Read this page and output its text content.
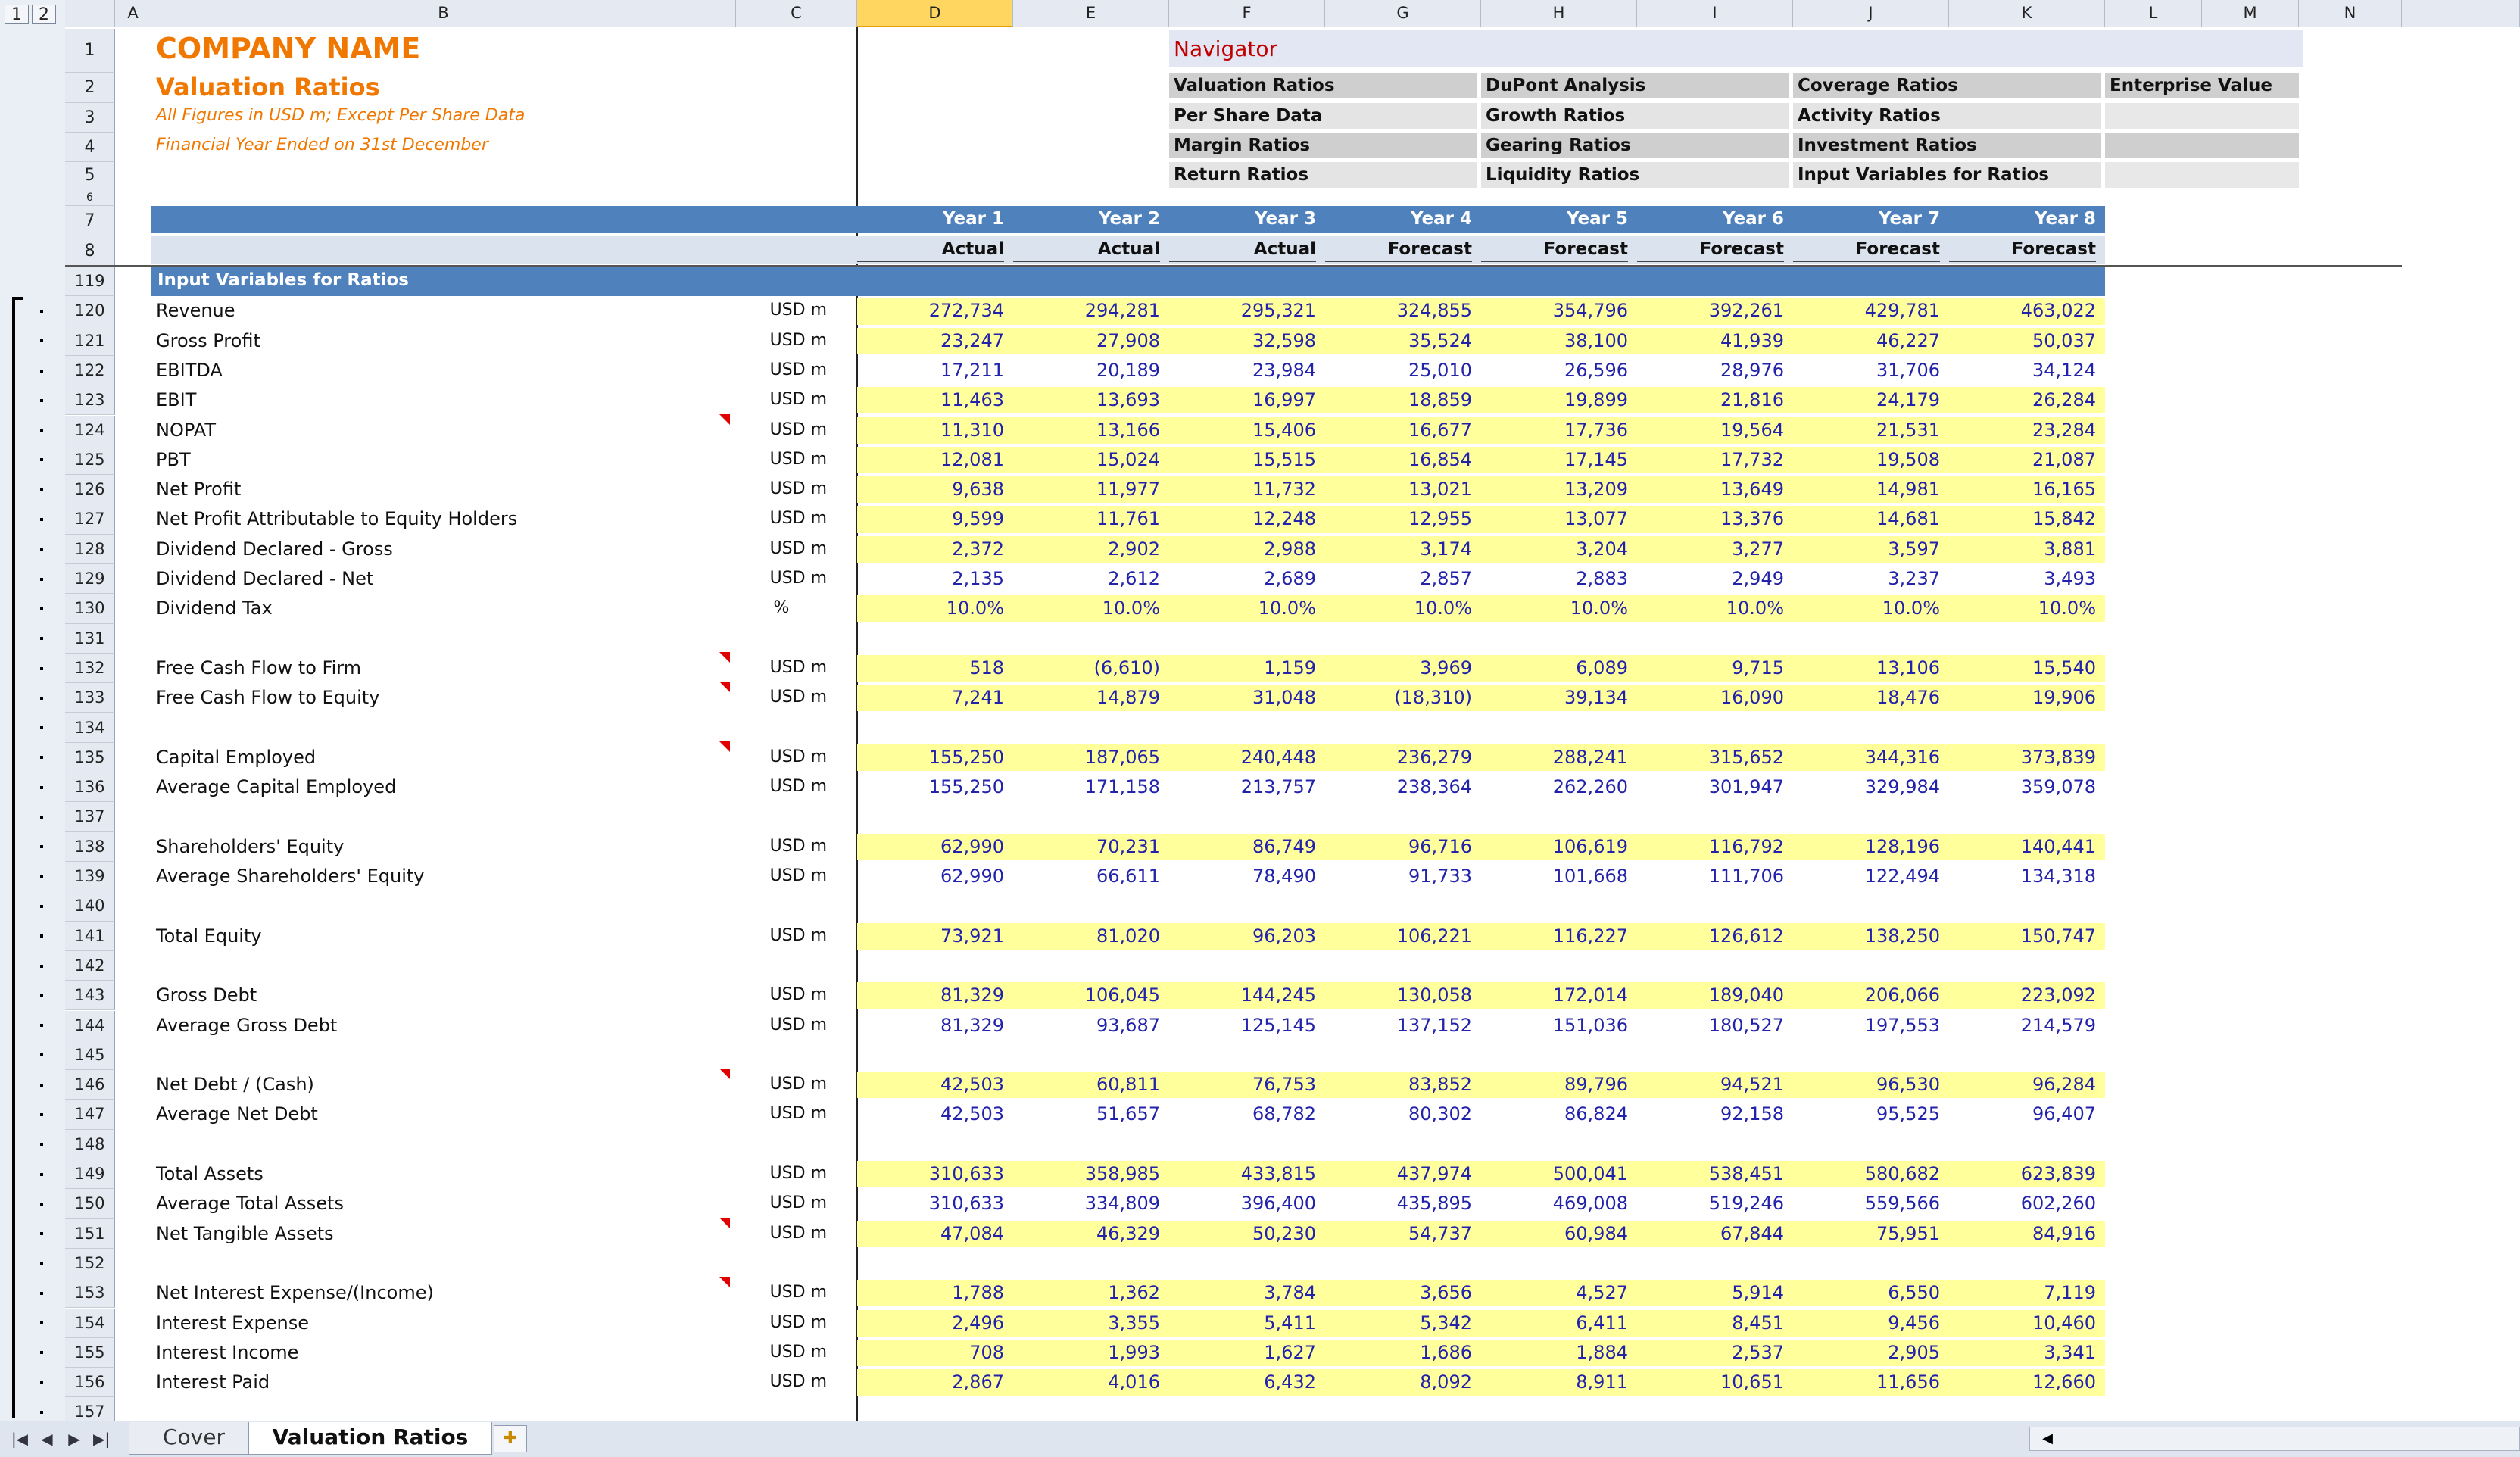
1	2	A	B	C	D	E	F	G	H	I	J	K	L	M	N
1
2
3
4
5
6
7
8
COMPANY NAME
Valuation Ratios
All Figures in USD m; Except Per Share Data
Financial Year Ended on 31st December
Navigator
Valuation Ratios	DuPont Analysis	Coverage Ratios	Enterprise Value
Per Share Data	Growth Ratios	Activity Ratios
Margin Ratios	Gearing Ratios	Investment Ratios
Return Ratios	Liquidity Ratios	Input Variables for Ratios
Year 1	Year 2	Year 3	Year 4	Year 5	Year 6	Year 7	Year 8
Actual	Actual	Actual	Forecast	Forecast	Forecast	Forecast	Forecast
119	Input Variables for Ratios
120	Revenue	USD m	272,734	294,281	295,321	324,855	354,796	392,261	429,781	463,022
121	Gross Profit	USD m	23,247	27,908	32,598	35,524	38,100	41,939	46,227	50,037
122	EBITDA	USD m	17,211	20,189	23,984	25,010	26,596	28,976	31,706	34,124
123	EBIT	USD m	11,463	13,693	16,997	18,859	19,899	21,816	24,179	26,284
124	NOPAT	USD m	11,310	13,166	15,406	16,677	17,736	19,564	21,531	23,284
125	PBT	USD m	12,081	15,024	15,515	16,854	17,145	17,732	19,508	21,087
126	Net Profit	USD m	9,638	11,977	11,732	13,021	13,209	13,649	14,981	16,165
127	Net Profit Attributable to Equity Holders	USD m	9,599	11,761	12,248	12,955	13,077	13,376	14,681	15,842
128	Dividend Declared - Gross	USD m	2,372	2,902	2,988	3,174	3,204	3,277	3,597	3,881
129	Dividend Declared - Net	USD m	2,135	2,612	2,689	2,857	2,883	2,949	3,237	3,493
130	Dividend Tax	%	10.0%	10.0%	10.0%	10.0%	10.0%	10.0%	10.0%	10.0%
131
132	Free Cash Flow to Firm	USD m	518	(6,610)	1,159	3,969	6,089	9,715	13,106	15,540
133	Free Cash Flow to Equity	USD m	7,241	14,879	31,048	(18,310)	39,134	16,090	18,476	19,906
134
135	Capital Employed	USD m	155,250	187,065	240,448	236,279	288,241	315,652	344,316	373,839
136	Average Capital Employed	USD m	155,250	171,158	213,757	238,364	262,260	301,947	329,984	359,078
137
138	Shareholders' Equity	USD m	62,990	70,231	86,749	96,716	106,619	116,792	128,196	140,441
139	Average Shareholders' Equity	USD m	62,990	66,611	78,490	91,733	101,668	111,706	122,494	134,318
140
141	Total Equity	USD m	73,921	81,020	96,203	106,221	116,227	126,612	138,250	150,747
142
143	Gross Debt	USD m	81,329	106,045	144,245	130,058	172,014	189,040	206,066	223,092
144	Average Gross Debt	USD m	81,329	93,687	125,145	137,152	151,036	180,527	197,553	214,579
145
146	Net Debt / (Cash)	USD m	42,503	60,811	76,753	83,852	89,796	94,521	96,530	96,284
147	Average Net Debt	USD m	42,503	51,657	68,782	80,302	86,824	92,158	95,525	96,407
148
149	Total Assets	USD m	310,633	358,985	433,815	437,974	500,041	538,451	580,682	623,839
150	Average Total Assets	USD m	310,633	334,809	396,400	435,895	469,008	519,246	559,566	602,260
151	Net Tangible Assets	USD m	47,084	46,329	50,230	54,737	60,984	67,844	75,951	84,916
152
153	Net Interest Expense/(Income)	USD m	1,788	1,362	3,784	3,656	4,527	5,914	6,550	7,119
154	Interest Expense	USD m	2,496	3,355	5,411	5,342	6,411	8,451	9,456	10,460
155	Interest Income	USD m	708	1,993	1,627	1,686	1,884	2,537	2,905	3,341
156	Interest Paid	USD m	2,867	4,016	6,432	8,092	8,911	10,651	11,656	12,660
157
|◀ ◀	▶ ▶|	Cover	Valuation Ratios	✚	◀
